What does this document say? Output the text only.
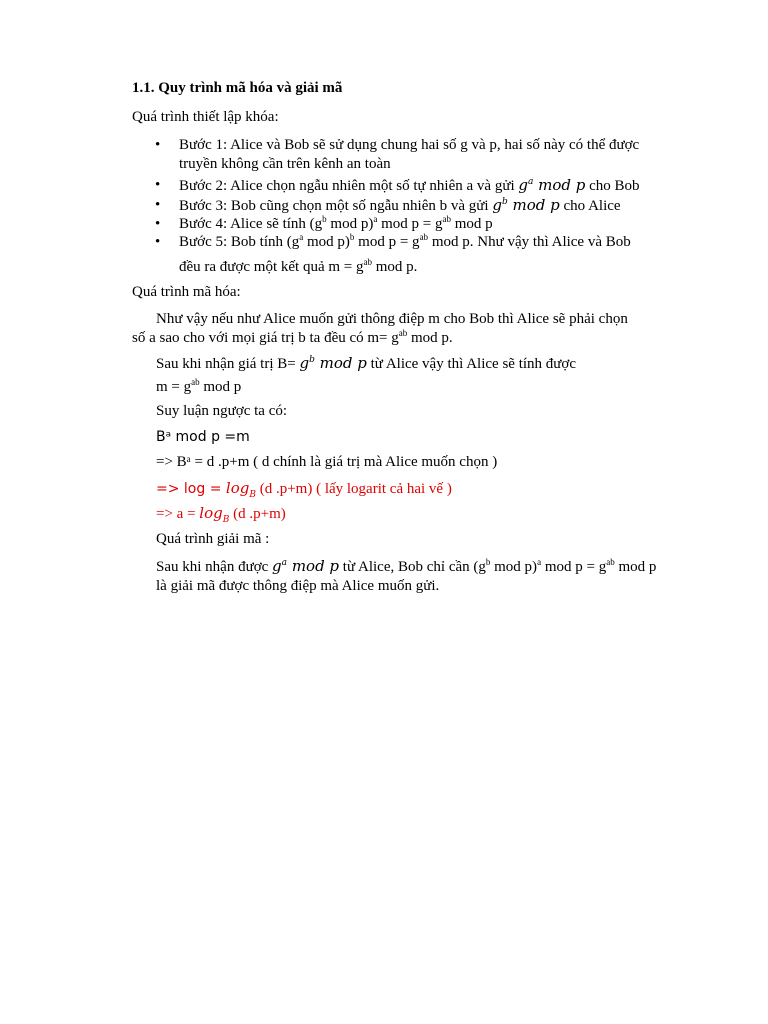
1.1. Quy trình mã hóa và giải mã
Quá trình thiết lập khóa:
• Bước 1: Alice và Bob sẽ sử dụng chung hai số g và p, hai số này có thể được
truyền không cần trên kênh an toàn
• Bước 2: Alice chọn ngẫu nhiên một số tự nhiên a và gửi $g^a$ mod p cho Bob
• Bước 3: Bob cũng chọn một số ngẫu nhiên b và gửi $g^b$ mod p cho Alice
• Bước 4: Alice sẽ tính ($g^b$ mod p)$^a$ mod $p = g^{ab}$ mod p
• Bước 5: Bob tính ($g^a$ mod p)$^b$ mod $p = g^{ab}$ mod p. Như vậy thì Alice và Bob
đều ra được một kết quả $m = g^{ab}$ mod p.
Quá trình mã hóa:
Như vậy nếu như Alice muốn gửi thông điệp m cho Bob thì Alice sẽ phải chọn
số a sao cho với mọi giá trị b ta đều có $m= g^{ab}$ mod p.
Sau khi nhận giá trị $B= g^b$ mod p từ Alice vậy thì Alice sẽ tính được
$m = g^{ab}$ mod p
Suy luận ngược ta có:
Bᵃ mod p =m
=> Bᵃ = d .p+m ( d chính là giá trị mà Alice muốn chọn )
=> $\log = \log_B (d$ .p+m) ( lấy logarit cả hai vế )
=> $a = \log_B (d$ .p+m)
Quá trình giải mã :
Sau khi nhận được $g^a$ mod p từ Alice, Bob chỉ cần ($g^b$ mod p)$^a$ mod $p = g^{ab}$ mod p
là giải mã được thông điệp mà Alice muốn gửi.
